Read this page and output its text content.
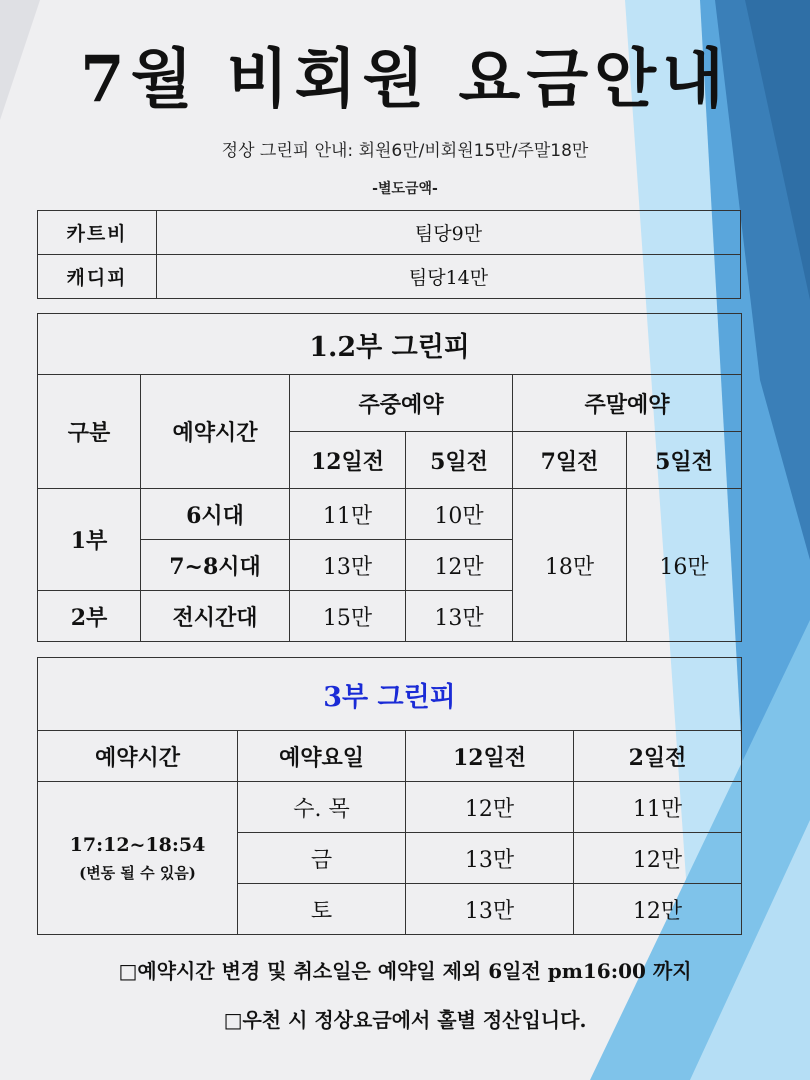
7월 비회원 요금안내
정상 그린피 안내: 회원6만/비회원15만/주말18만
-별도금액-
카트비	팀당9만
캐디피	팀당14만
1.2부 그린피					
구분	예약시간	주중예약		주말예약	
		12일전	5일전	7일전	5일전
1부	6시대	11만	10만	18만	16만
	7~8시대	13만	12만		
2부	전시간대	15만	13만		
3부 그린피			
예약시간	예약요일	12일전	2일전

17:12~18:54
(변동 될 수 있음)	수. 목	12만	11만
	금	13만	12만
	토	13만	12만
□예약시간 변경 및 취소일은 예약일 제외 6일전 pm16:00 까지
□우천 시 정상요금에서 홀별 정산입니다.
